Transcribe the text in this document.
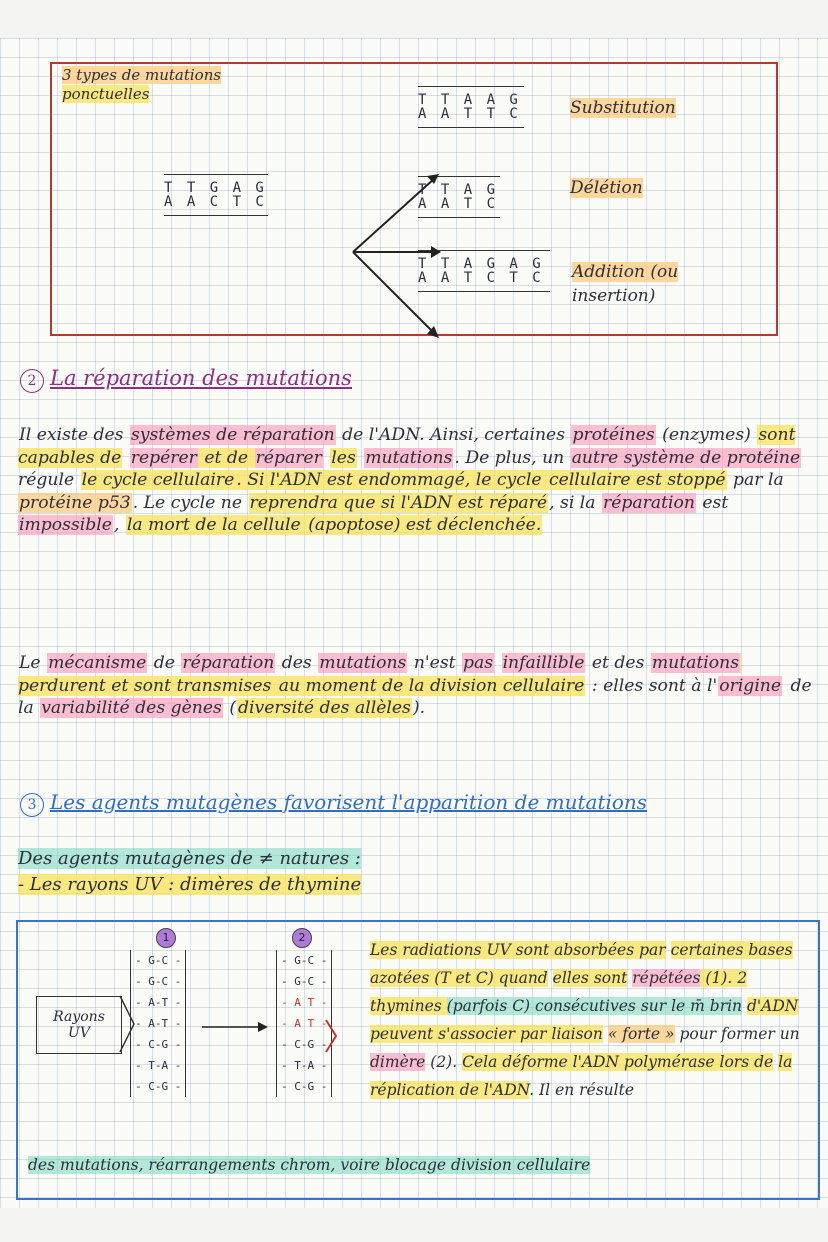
3 types de mutations
ponctuelles
T T G A G
A A C T C
T T A A G
A A T T C	Substitution
T T A G
A A T C
Délétion
T T A G A G
A A T C T C	Addition (ou
insertion)
2 La réparation des mutations
Il existe des systèmes de réparation de l'ADN. Ainsi, certaines protéines (enzymes) sont capables de repérer et de réparer les mutations . De plus, un autre système de protéine régule le cycle cellulaire . Si l'ADN est endommagé, le cycle cellulaire est stoppé par la protéine p53 . Le cycle ne reprendra que si l'ADN est réparé , si la réparation est impossible , la mort de la cellule (apoptose) est déclenchée.
Le mécanisme de réparation des mutations n'est pas infaillible et des mutations perdurent et sont transmises au moment de la division cellulaire : elles sont à l' origine de la variabilité des gènes ( diversité des allèles ).
3 Les agents mutagènes favorisent l'apparition de mutations
Des agents mutagènes de ≠ natures :
- Les rayons UV : dimères de thymine
Rayons
UV
1	2
- G-C -
- G-C -
- A-T -
- A-T -
- C-G -
- T-A -
- C-G -
- G-C -
- G-C -
- A T -
- A T -
- C-G -
- T-A -
- C-G -
Les radiations UV sont absorbées par certaines bases azotées (T et C) quand elles sont répétées (1). 2 thymines (parfois C) consécutives sur le m̄ brin d'ADN peuvent s'associer par liaison « forte » pour former un dimère (2). Cela déforme l'ADN polymérase lors de la réplication de l'ADN. Il en résulte
des mutations, réarrangements chrom, voire blocage division cellulaire
